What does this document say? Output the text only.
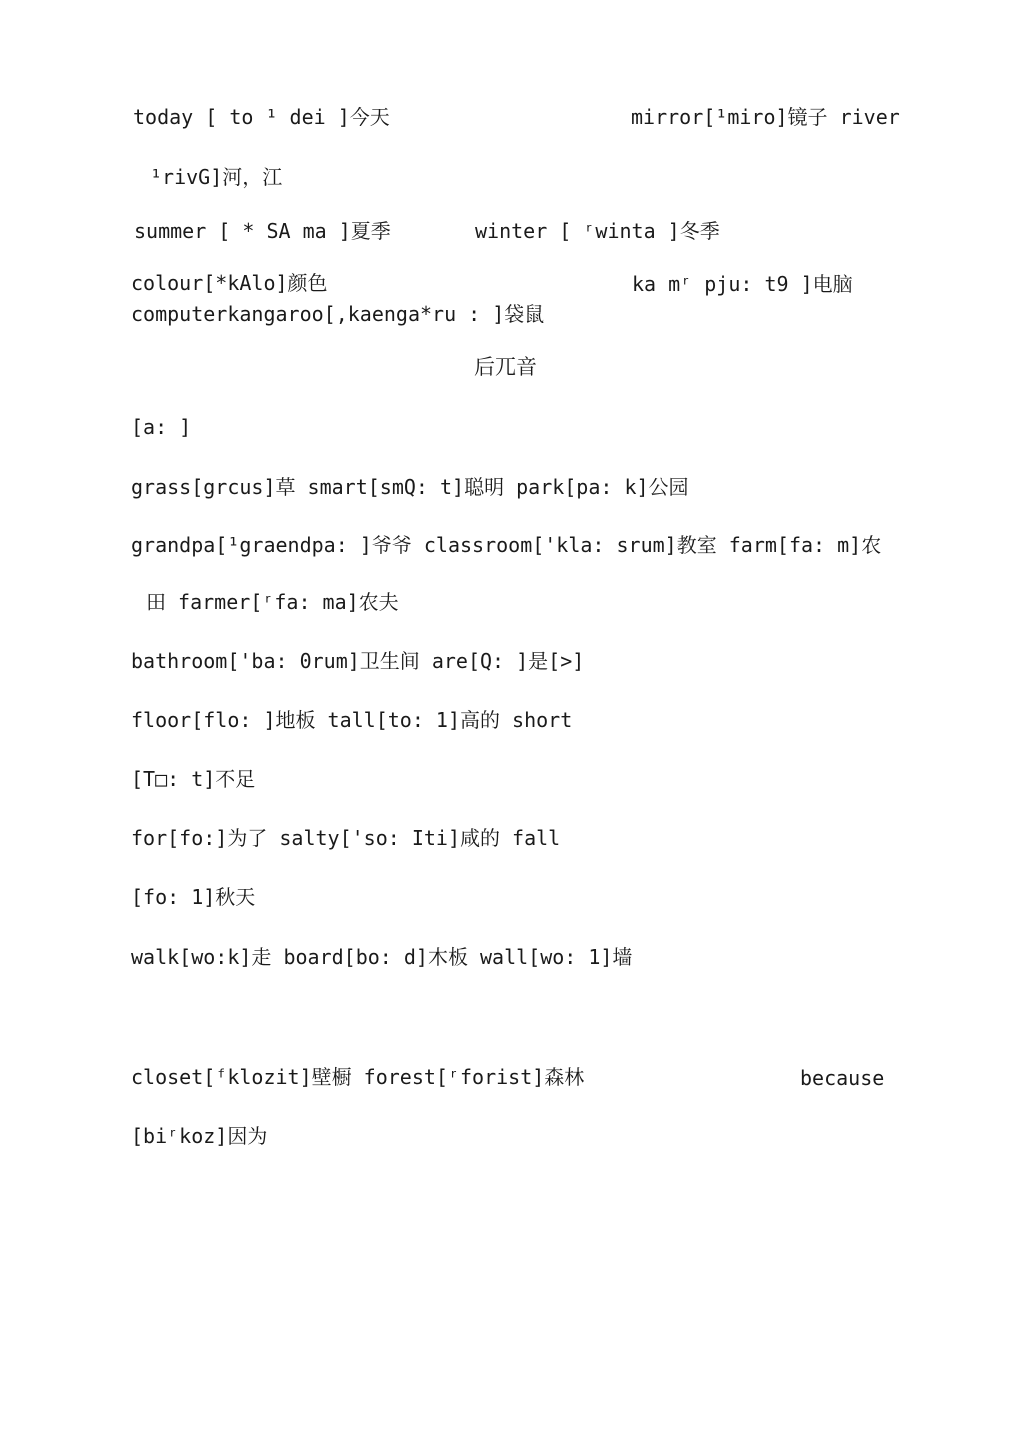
today [ to ¹ dei ]今天	mirror[¹miro]镜子 river
¹rivG]河，江
summer [ * SA ma ]夏季	winter [ ʳwinta ]冬季
colour[*kAlo]颜色	ka mʳ pju: t9 ]电脑
computerkangaroo[,kaenga*ru : ]袋鼠
后兀音
[a: ]
grass[grcus]草 smart[smQ: t]聪明 park[pa: k]公园
grandpa[¹graendpa: ]爷爷 classroom['kla: srum]教室 farm[fa: m]农
田 farmer[ʳfa: ma]农夫
bathroom['ba: 0rum]卫生间 are[Q: ]是[>]
floor[flo: ]地板 tall[to: 1]高的 short
[T□: t]不足
for[fo:]为了 salty['so: Iti]咸的 fall
[fo: 1]秋天
walk[wo:k]走 board[bo: d]木板 wall[wo: 1]墙
closet[ᶠklozit]壁橱 forest[ʳforist]森林	because
[biʳkoz]因为
